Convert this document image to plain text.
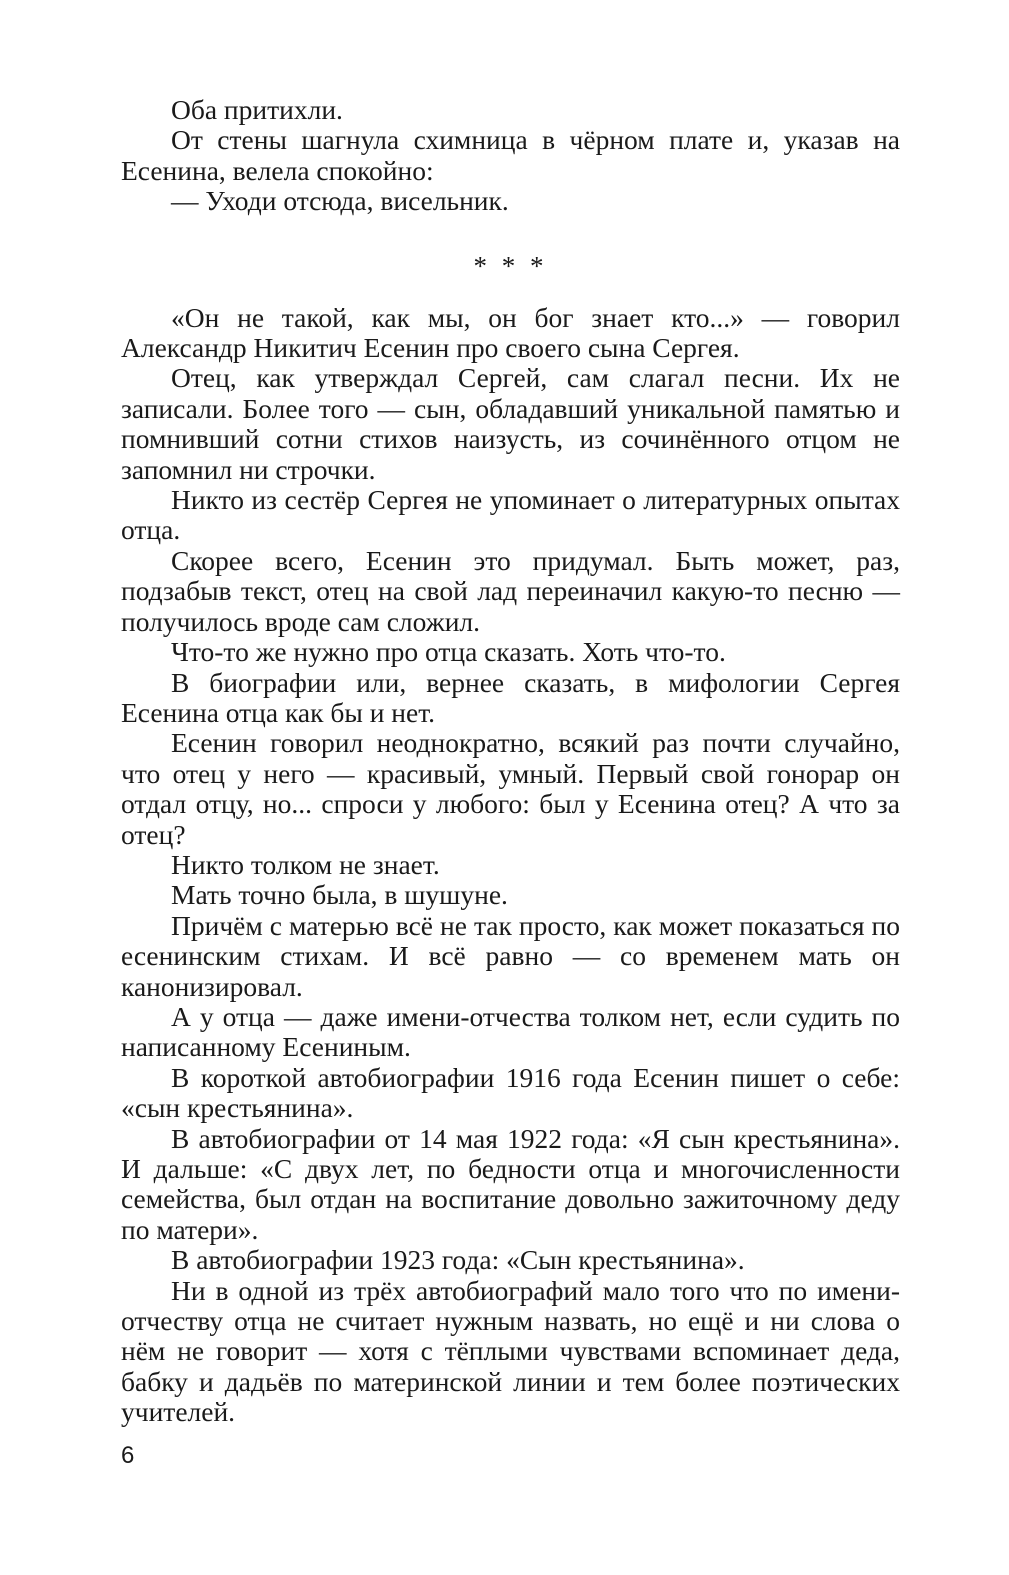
Оба притихли.

От стены шагнула схимница в чёрном плате и, указав на Есенина, велела спокойно:

— Уходи отсюда, висельник.

* * *

«Он не такой, как мы, он бог знает кто...» — говорил Александр Никитич Есенин про своего сына Сергея.

Отец, как утверждал Сергей, сам слагал песни. Их не записали. Более того — сын, обладавший уникальной памятью и помнивший сотни стихов наизусть, из сочинённого отцом не запомнил ни строчки.

Никто из сестёр Сергея не упоминает о литературных опытах отца.

Скорее всего, Есенин это придумал. Быть может, раз, подзабыв текст, отец на свой лад переиначил какую-то песню — получилось вроде сам сложил.

Что-то же нужно про отца сказать. Хоть что-то.

В биографии или, вернее сказать, в мифологии Сергея Есенина отца как бы и нет.

Есенин говорил неоднократно, всякий раз почти случайно, что отец у него — красивый, умный. Первый свой гонорар он отдал отцу, но... спроси у любого: был у Есенина отец? А что за отец?

Никто толком не знает.

Мать точно была, в шушуне.

Причём с матерью всё не так просто, как может показаться по есенинским стихам. И всё равно — со временем мать он канонизировал.

А у отца — даже имени-отчества толком нет, если судить по написанному Есениным.

В короткой автобиографии 1916 года Есенин пишет о себе: «сын крестьянина».

В автобиографии от 14 мая 1922 года: «Я сын крестьянина». И дальше: «С двух лет, по бедности отца и многочисленности семейства, был отдан на воспитание довольно зажиточному деду по матери».

В автобиографии 1923 года: «Сын крестьянина».

Ни в одной из трёх автобиографий мало того что по имени-отчеству отца не считает нужным назвать, но ещё и ни слова о нём не говорит — хотя с тёплыми чувствами вспоминает деда, бабку и дадьёв по материнской линии и тем более поэтических учителей.

6
